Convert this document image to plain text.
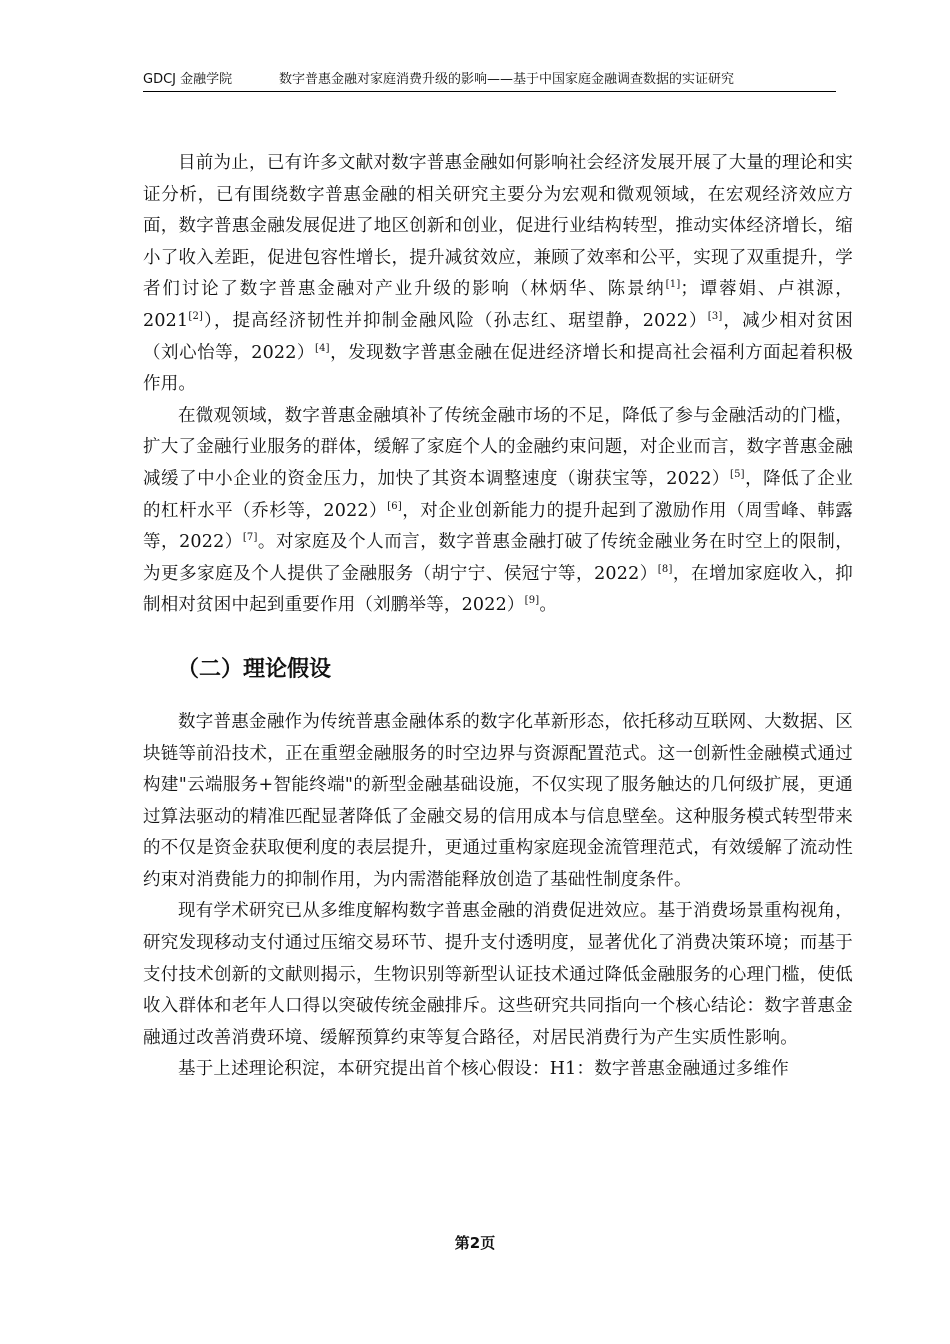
GDCJ 金融学院	数字普惠金融对家庭消费升级的影响——基于中国家庭金融调查数据的实证研究

目前为止，已有许多文献对数字普惠金融如何影响社会经济发展开展了大量的理论和实证分析，已有围绕数字普惠金融的相关研究主要分为宏观和微观领域，在宏观经济效应方面，数字普惠金融发展促进了地区创新和创业，促进行业结构转型，推动实体经济增长，缩小了收入差距，促进包容性增长，提升减贫效应，兼顾了效率和公平，实现了双重提升，学者们讨论了数字普惠金融对产业升级的影响（林炳华、陈景纳[1]；谭蓉娟、卢祺源，2021[2]），提高经济韧性并抑制金融风险（孙志红、琚望静，2022）[3]，减少相对贫困（刘心怡等，2022）[4]，发现数字普惠金融在促进经济增长和提高社会福利方面起着积极作用。

在微观领域，数字普惠金融填补了传统金融市场的不足，降低了参与金融活动的门槛，扩大了金融行业服务的群体，缓解了家庭个人的金融约束问题，对企业而言，数字普惠金融减缓了中小企业的资金压力，加快了其资本调整速度（谢获宝等，2022）[5]，降低了企业的杠杆水平（乔杉等，2022）[6]，对企业创新能力的提升起到了激励作用（周雪峰、韩露等，2022）[7]。对家庭及个人而言，数字普惠金融打破了传统金融业务在时空上的限制，为更多家庭及个人提供了金融服务（胡宁宁、侯冠宁等，2022）[8]，在增加家庭收入，抑制相对贫困中起到重要作用（刘鹏举等，2022）[9]。

（二）理论假设

数字普惠金融作为传统普惠金融体系的数字化革新形态，依托移动互联网、大数据、区块链等前沿技术，正在重塑金融服务的时空边界与资源配置范式。这一创新性金融模式通过构建"云端服务+智能终端"的新型金融基础设施，不仅实现了服务触达的几何级扩展，更通过算法驱动的精准匹配显著降低了金融交易的信用成本与信息壁垒。这种服务模式转型带来的不仅是资金获取便利度的表层提升，更通过重构家庭现金流管理范式，有效缓解了流动性约束对消费能力的抑制作用，为内需潜能释放创造了基础性制度条件。

现有学术研究已从多维度解构数字普惠金融的消费促进效应。基于消费场景重构视角，研究发现移动支付通过压缩交易环节、提升支付透明度，显著优化了消费决策环境；而基于支付技术创新的文献则揭示，生物识别等新型认证技术通过降低金融服务的心理门槛，使低收入群体和老年人口得以突破传统金融排斥。这些研究共同指向一个核心结论：数字普惠金融通过改善消费环境、缓解预算约束等复合路径，对居民消费行为产生实质性影响。

基于上述理论积淀，本研究提出首个核心假设：H1：数字普惠金融通过多维作

第2页
